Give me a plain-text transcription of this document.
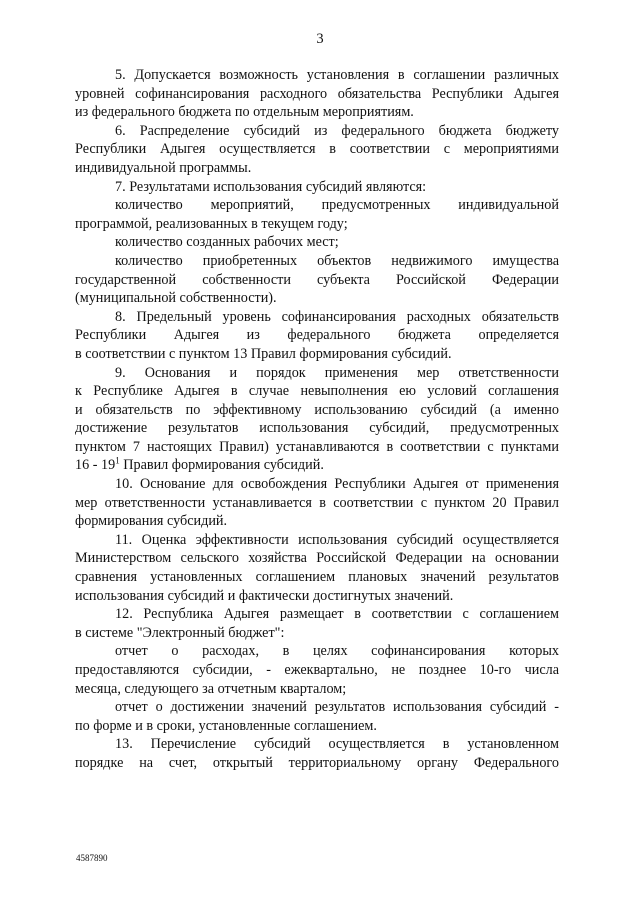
3
5. Допускается возможность установления в соглашении различных
уровней софинансирования расходного обязательства Республики Адыгея
из федерального бюджета по отдельным мероприятиям.
6. Распределение субсидий из федерального бюджета бюджету
Республики Адыгея осуществляется в соответствии с мероприятиями
индивидуальной программы.
7. Результатами использования субсидий являются:
количество мероприятий, предусмотренных индивидуальной
программой, реализованных в текущем году;
количество созданных рабочих мест;
количество приобретенных объектов недвижимого имущества
государственной собственности субъекта Российской Федерации
(муниципальной собственности).
8. Предельный уровень софинансирования расходных обязательств
Республики Адыгея из федерального бюджета определяется
в соответствии с пунктом 13 Правил формирования субсидий.
9. Основания и порядок применения мер ответственности
к Республике Адыгея в случае невыполнения ею условий соглашения
и обязательств по эффективному использованию субсидий (а именно
достижение результатов использования субсидий, предусмотренных
пунктом 7 настоящих Правил) устанавливаются в соответствии с пунктами
$16 - 19^1$ Правил формирования субсидий.
10. Основание для освобождения Республики Адыгея от применения
мер ответственности устанавливается в соответствии с пунктом 20 Правил
формирования субсидий.
11. Оценка эффективности использования субсидий осуществляется
Министерством сельского хозяйства Российской Федерации на основании
сравнения установленных соглашением плановых значений результатов
использования субсидий и фактически достигнутых значений.
12. Республика Адыгея размещает в соответствии с соглашением
в системе "Электронный бюджет":
отчет о расходах, в целях софинансирования которых
предоставляются субсидии, - ежеквартально, не позднее 10-го числа
месяца, следующего за отчетным кварталом;
отчет о достижении значений результатов использования субсидий -
по форме и в сроки, установленные соглашением.
13. Перечисление субсидий осуществляется в установленном
порядке на счет, открытый территориальному органу Федерального
4587890
